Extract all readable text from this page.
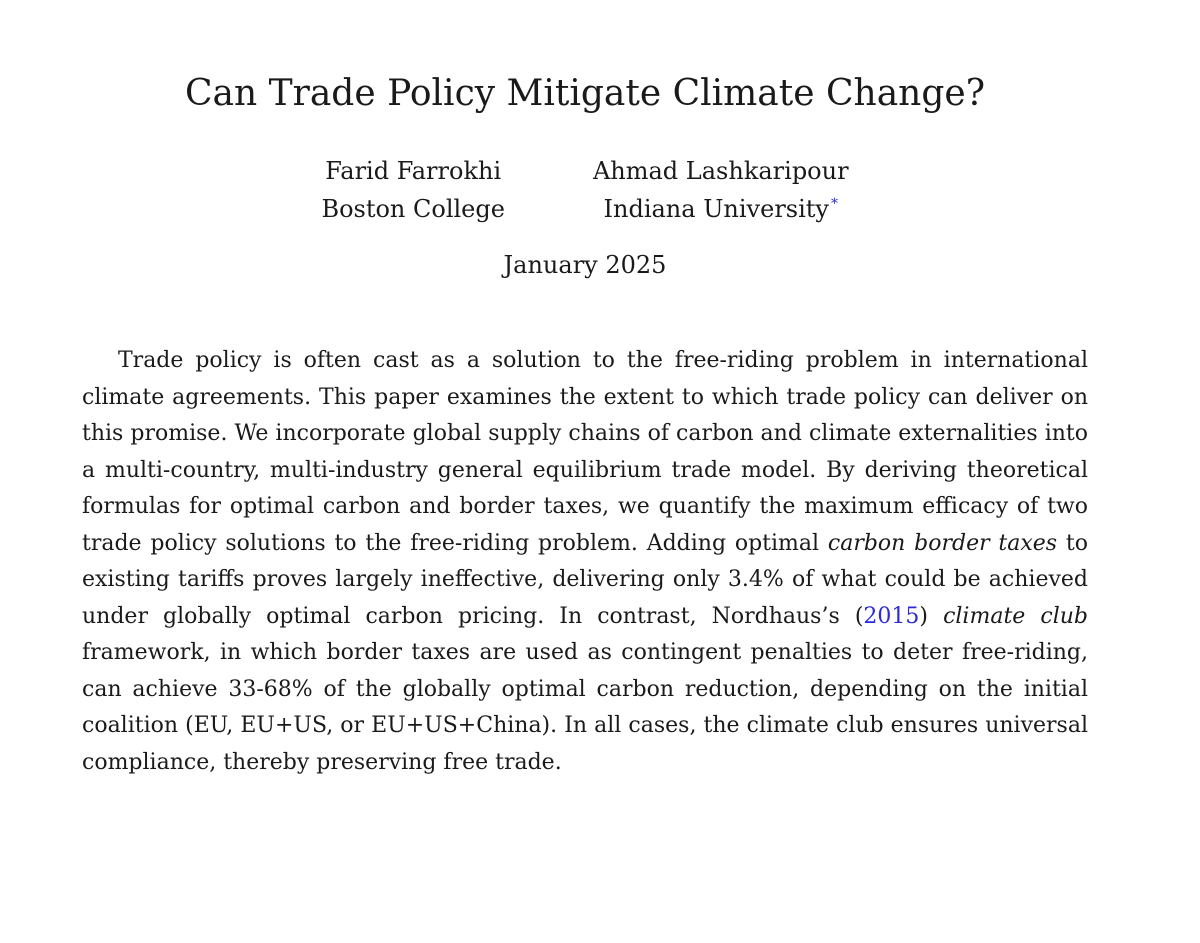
Can Trade Policy Mitigate Climate Change?
Farid Farrokhi
Boston College
Ahmad Lashkaripour
Indiana University *
January 2025

Trade policy is often cast as a solution to the free-riding problem in international climate agreements. This paper examines the extent to which trade policy can deliver on this promise. We incorporate global supply chains of carbon and climate externalities into a multi-country, multi-industry general equilibrium trade model. By deriving theoretical formulas for optimal carbon and border taxes, we quantify the maximum efficacy of two trade policy solutions to the free-riding problem. Adding optimal carbon border taxes to existing tariffs proves largely ineffective, delivering only 3.4% of what could be achieved under globally optimal carbon pricing. In contrast, Nordhaus’s (2015) climate club framework, in which border taxes are used as contingent penalties to deter free-riding, can achieve 33-68% of the globally optimal carbon reduction, depending on the initial coalition (EU, EU+US, or EU+US+China). In all cases, the climate club ensures universal compliance, thereby preserving free trade.
